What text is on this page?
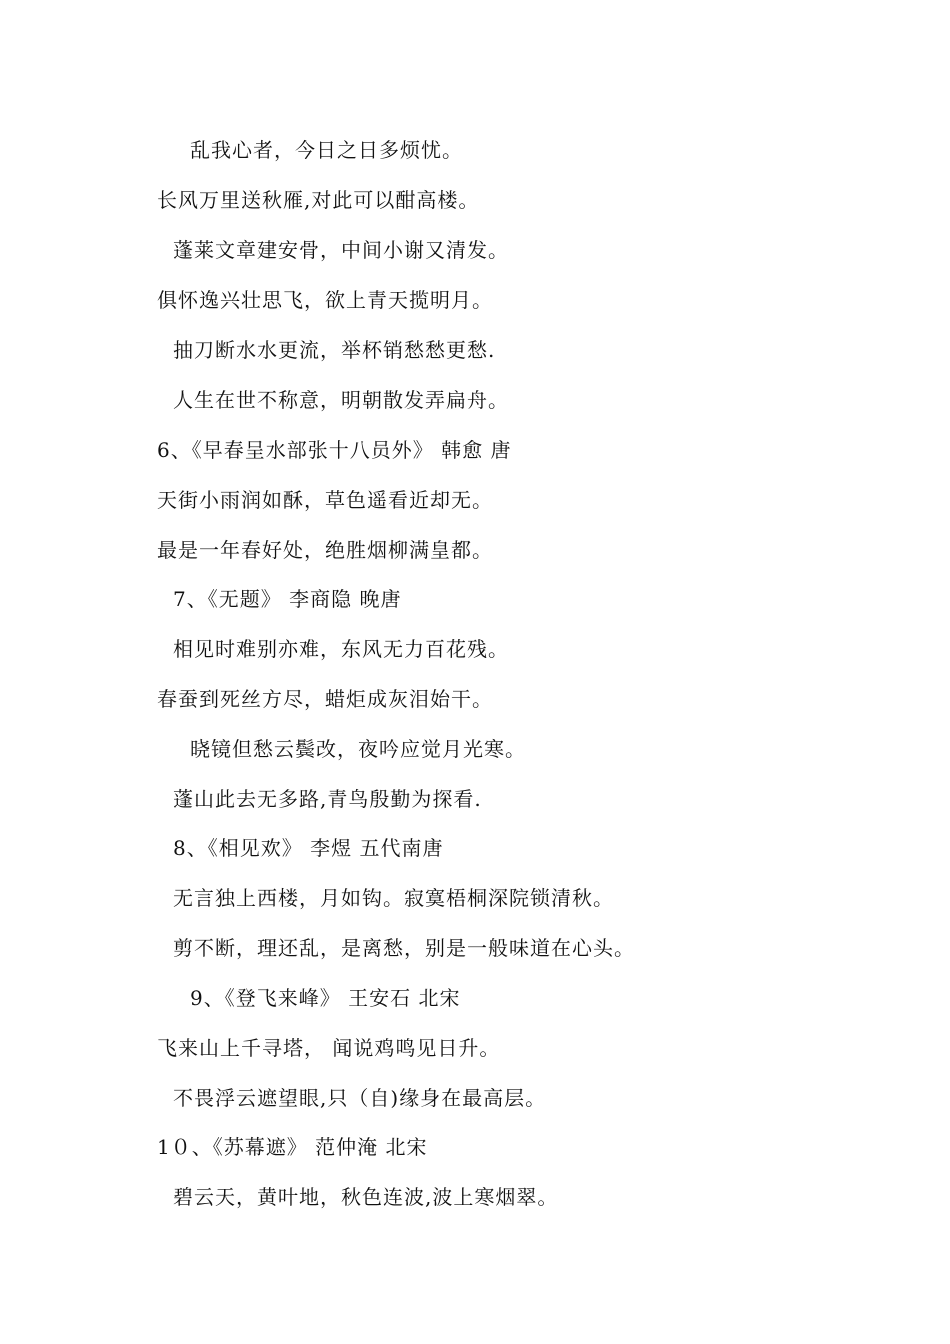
乱我心者，今日之日多烦忧。
长风万里送秋雁,对此可以酣高楼。
蓬莱文章建安骨，中间小谢又清发。
俱怀逸兴壮思飞，欲上青天揽明月。
抽刀断水水更流，举杯销愁愁更愁.
人生在世不称意，明朝散发弄扁舟。
6、《早春呈水部张十八员外》 韩愈 唐
天街小雨润如酥，草色遥看近却无。
最是一年春好处，绝胜烟柳满皇都。
7、《无题》 李商隐 晚唐
相见时难别亦难，东风无力百花残。
春蚕到死丝方尽，蜡炬成灰泪始干。
晓镜但愁云鬓改，夜吟应觉月光寒。
蓬山此去无多路,青鸟殷勤为探看.
8、《相见欢》 李煜 五代南唐
无言独上西楼，月如钩。寂寞梧桐深院锁清秋。
剪不断，理还乱，是离愁，别是一般味道在心头。
9、《登飞来峰》 王安石 北宋
飞来山上千寻塔， 闻说鸡鸣见日升。
不畏浮云遮望眼,只（自)缘身在最高层。
1０、《苏幕遮》 范仲淹 北宋
碧云天，黄叶地，秋色连波,波上寒烟翠。
